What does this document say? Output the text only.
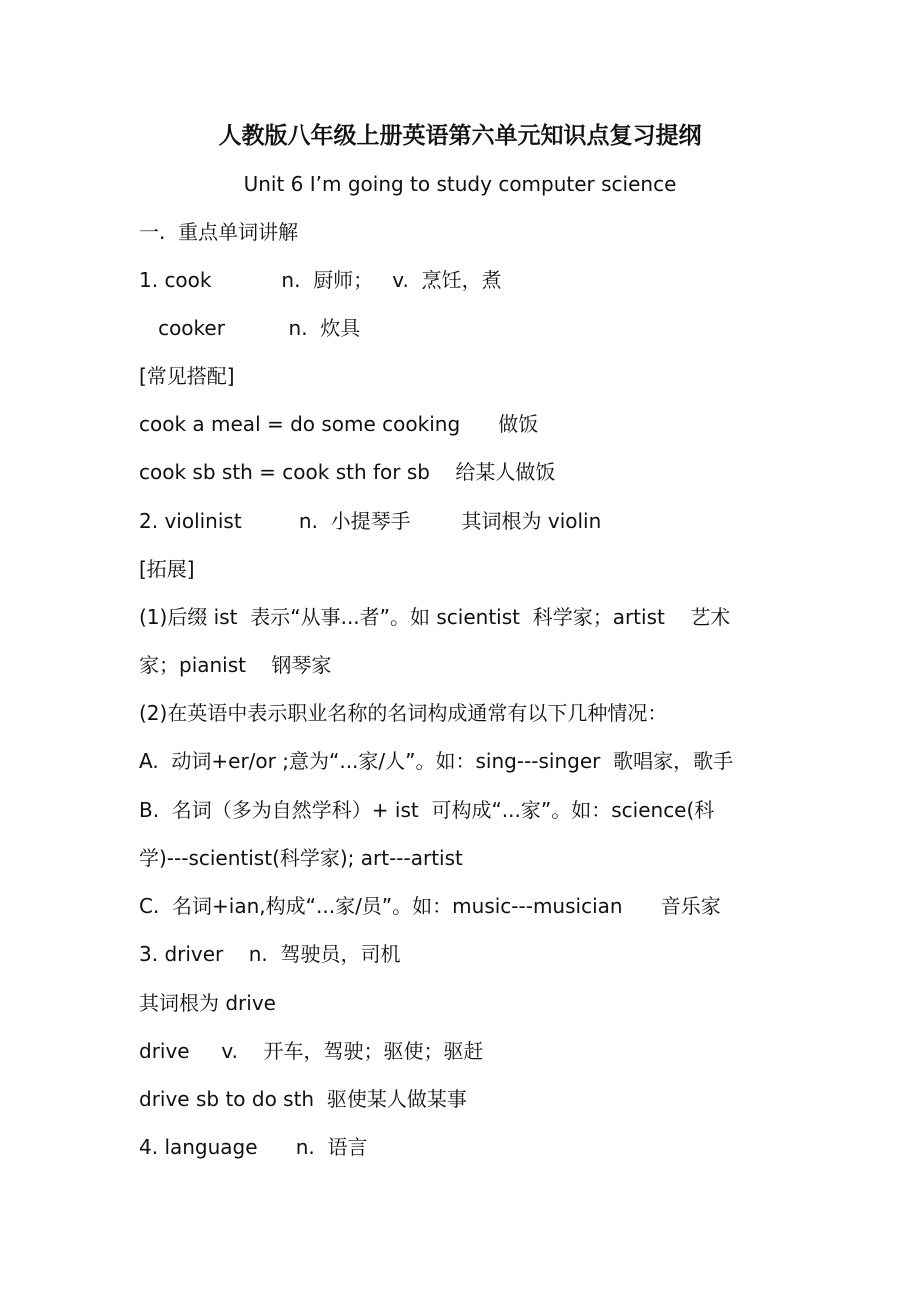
人教版八年级上册英语第六单元知识点复习提纲

Unit 6 I’m going to study computer science

一.  重点单词讲解

1. cook           n.  厨师；   v.  烹饪，煮

cooker          n.  炊具

[常见搭配]

cook a meal = do some cooking      做饭

cook sb sth = cook sth for sb    给某人做饭

2. violinist         n.  小提琴手        其词根为 violin

[拓展]

(1)后缀 ist  表示“从事...者”。如 scientist  科学家；artist    艺术

家；pianist    钢琴家

(2)在英语中表示职业名称的名词构成通常有以下几种情况：

A.  动词+er/or ;意为“...家/人”。如：sing---singer  歌唱家，歌手

B.  名词（多为自然学科）+ ist  可构成“...家”。如：science(科

学)---scientist(科学家); art---artist

C.  名词+ian,构成“...家/员”。如：music---musician      音乐家

3. driver    n.  驾驶员，司机

其词根为 drive

drive     v.    开车，驾驶；驱使；驱赶

drive sb to do sth  驱使某人做某事

4. language      n.  语言
